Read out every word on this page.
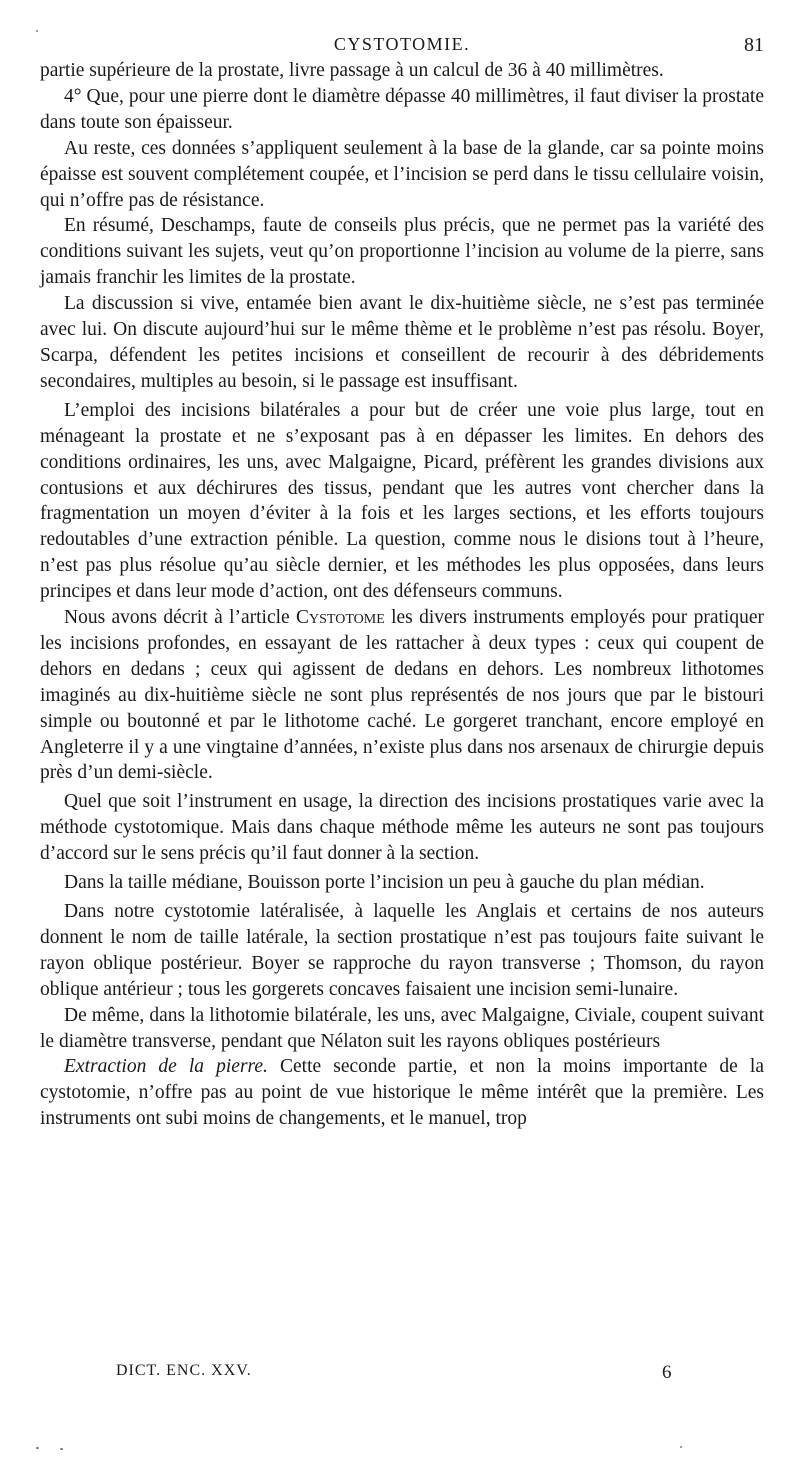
CYSTOTOMIE.	81

partie supérieure de la prostate, livre passage à un calcul de 36 à 40 millimètres.

4° Que, pour une pierre dont le diamètre dépasse 40 millimètres, il faut diviser la prostate dans toute son épaisseur.

Au reste, ces données s’appliquent seulement à la base de la glande, car sa pointe moins épaisse est souvent complétement coupée, et l’incision se perd dans le tissu cellulaire voisin, qui n’offre pas de résistance.

En résumé, Deschamps, faute de conseils plus précis, que ne permet pas la variété des conditions suivant les sujets, veut qu’on proportionne l’incision au volume de la pierre, sans jamais franchir les limites de la prostate.

La discussion si vive, entamée bien avant le dix-huitième siècle, ne s’est pas terminée avec lui. On discute aujourd’hui sur le même thème et le problème n’est pas résolu. Boyer, Scarpa, défendent les petites incisions et conseillent de recourir à des débridements secondaires, multiples au besoin, si le passage est insuffisant.

L’emploi des incisions bilatérales a pour but de créer une voie plus large, tout en ménageant la prostate et ne s’exposant pas à en dépasser les limites. En dehors des conditions ordinaires, les uns, avec Malgaigne, Picard, préfèrent les grandes divisions aux contusions et aux déchirures des tissus, pendant que les autres vont chercher dans la fragmentation un moyen d’éviter à la fois et les larges sections, et les efforts toujours redoutables d’une extraction pénible. La question, comme nous le disions tout à l’heure, n’est pas plus résolue qu’au siècle dernier, et les méthodes les plus opposées, dans leurs principes et dans leur mode d’action, ont des défenseurs communs.

Nous avons décrit à l’article Cystotome les divers instruments employés pour pratiquer les incisions profondes, en essayant de les rattacher à deux types : ceux qui coupent de dehors en dedans ; ceux qui agissent de dedans en dehors. Les nombreux lithotomes imaginés au dix-huitième siècle ne sont plus représentés de nos jours que par le bistouri simple ou boutonné et par le lithotome caché. Le gorgeret tranchant, encore employé en Angleterre il y a une vingtaine d’années, n’existe plus dans nos arsenaux de chirurgie depuis près d’un demi-siècle.

Quel que soit l’instrument en usage, la direction des incisions prostatiques varie avec la méthode cystotomique. Mais dans chaque méthode même les auteurs ne sont pas toujours d’accord sur le sens précis qu’il faut donner à la section.

Dans la taille médiane, Bouisson porte l’incision un peu à gauche du plan médian.

Dans notre cystotomie latéralisée, à laquelle les Anglais et certains de nos auteurs donnent le nom de taille latérale, la section prostatique n’est pas toujours faite suivant le rayon oblique postérieur. Boyer se rapproche du rayon transverse ; Thomson, du rayon oblique antérieur ; tous les gorgerets concaves faisaient une incision semi-lunaire.

De même, dans la lithotomie bilatérale, les uns, avec Malgaigne, Civiale, coupent suivant le diamètre transverse, pendant que Nélaton suit les rayons obliques postérieurs

Extraction de la pierre. Cette seconde partie, et non la moins importante de la cystotomie, n’offre pas au point de vue historique le même intérêt que la première. Les instruments ont subi moins de changements, et le manuel, trop

DICT. ENC. XXV.	6
